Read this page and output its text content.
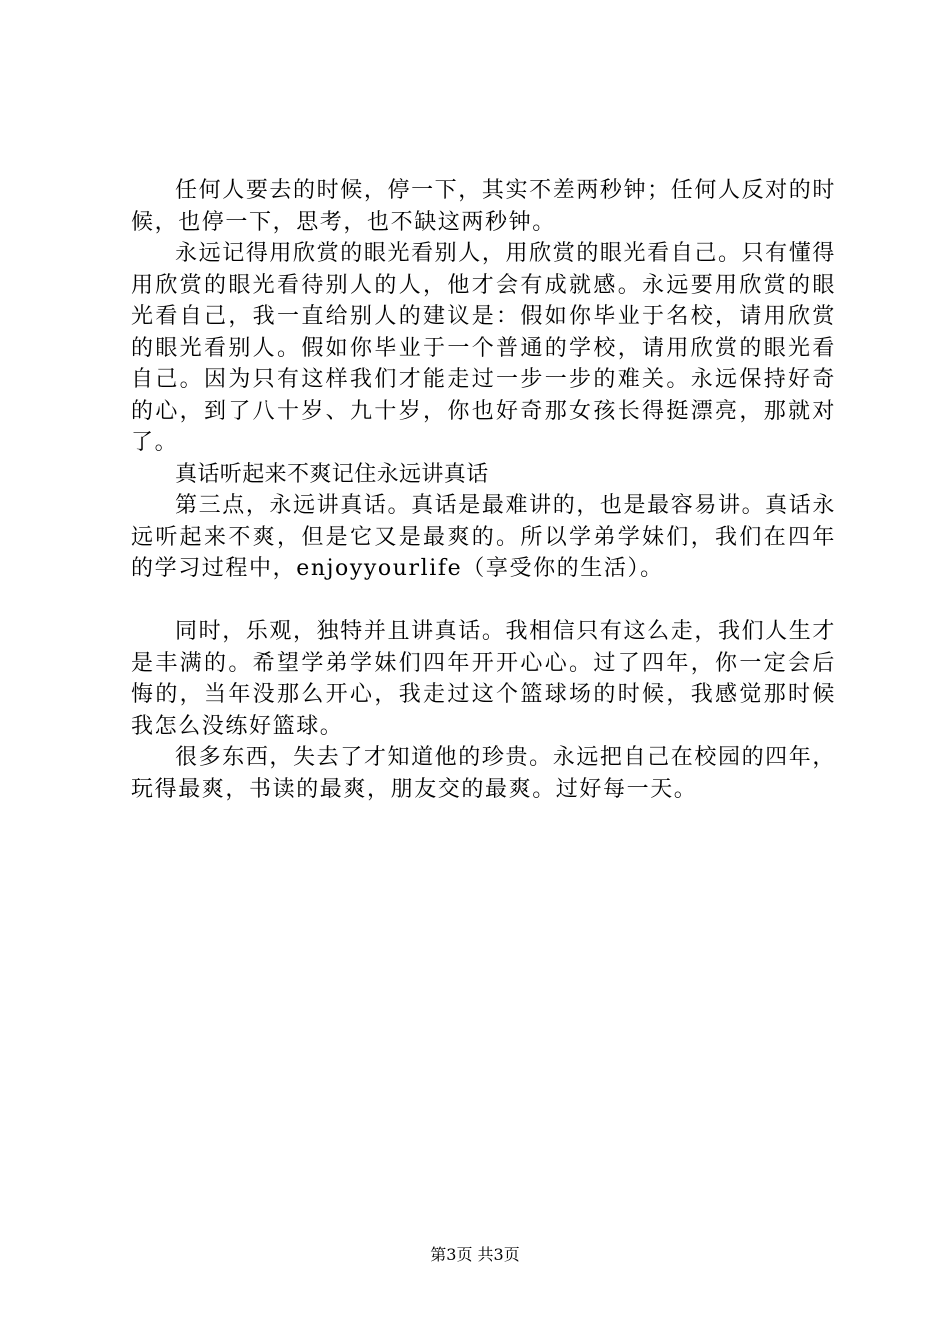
任何人要去的时候，停一下，其实不差两秒钟；任何人反对的时候，也停一下，思考，也不缺这两秒钟。

永远记得用欣赏的眼光看别人，用欣赏的眼光看自己。只有懂得用欣赏的眼光看待别人的人，他才会有成就感。永远要用欣赏的眼光看自己，我一直给别人的建议是：假如你毕业于名校，请用欣赏的眼光看别人。假如你毕业于一个普通的学校，请用欣赏的眼光看自己。因为只有这样我们才能走过一步一步的难关。永远保持好奇的心，到了八十岁、九十岁，你也好奇那女孩长得挺漂亮，那就对了。

真话听起来不爽记住永远讲真话

第三点，永远讲真话。真话是最难讲的，也是最容易讲。真话永远听起来不爽，但是它又是最爽的。所以学弟学妹们，我们在四年的学习过程中，enjoyyourlife（享受你的生活）。

同时，乐观，独特并且讲真话。我相信只有这么走，我们人生才是丰满的。希望学弟学妹们四年开开心心。过了四年，你一定会后悔的，当年没那么开心，我走过这个篮球场的时候，我感觉那时候我怎么没练好篮球。

很多东西，失去了才知道他的珍贵。永远把自己在校园的四年，玩得最爽，书读的最爽，朋友交的最爽。过好每一天。

第3页 共3页
